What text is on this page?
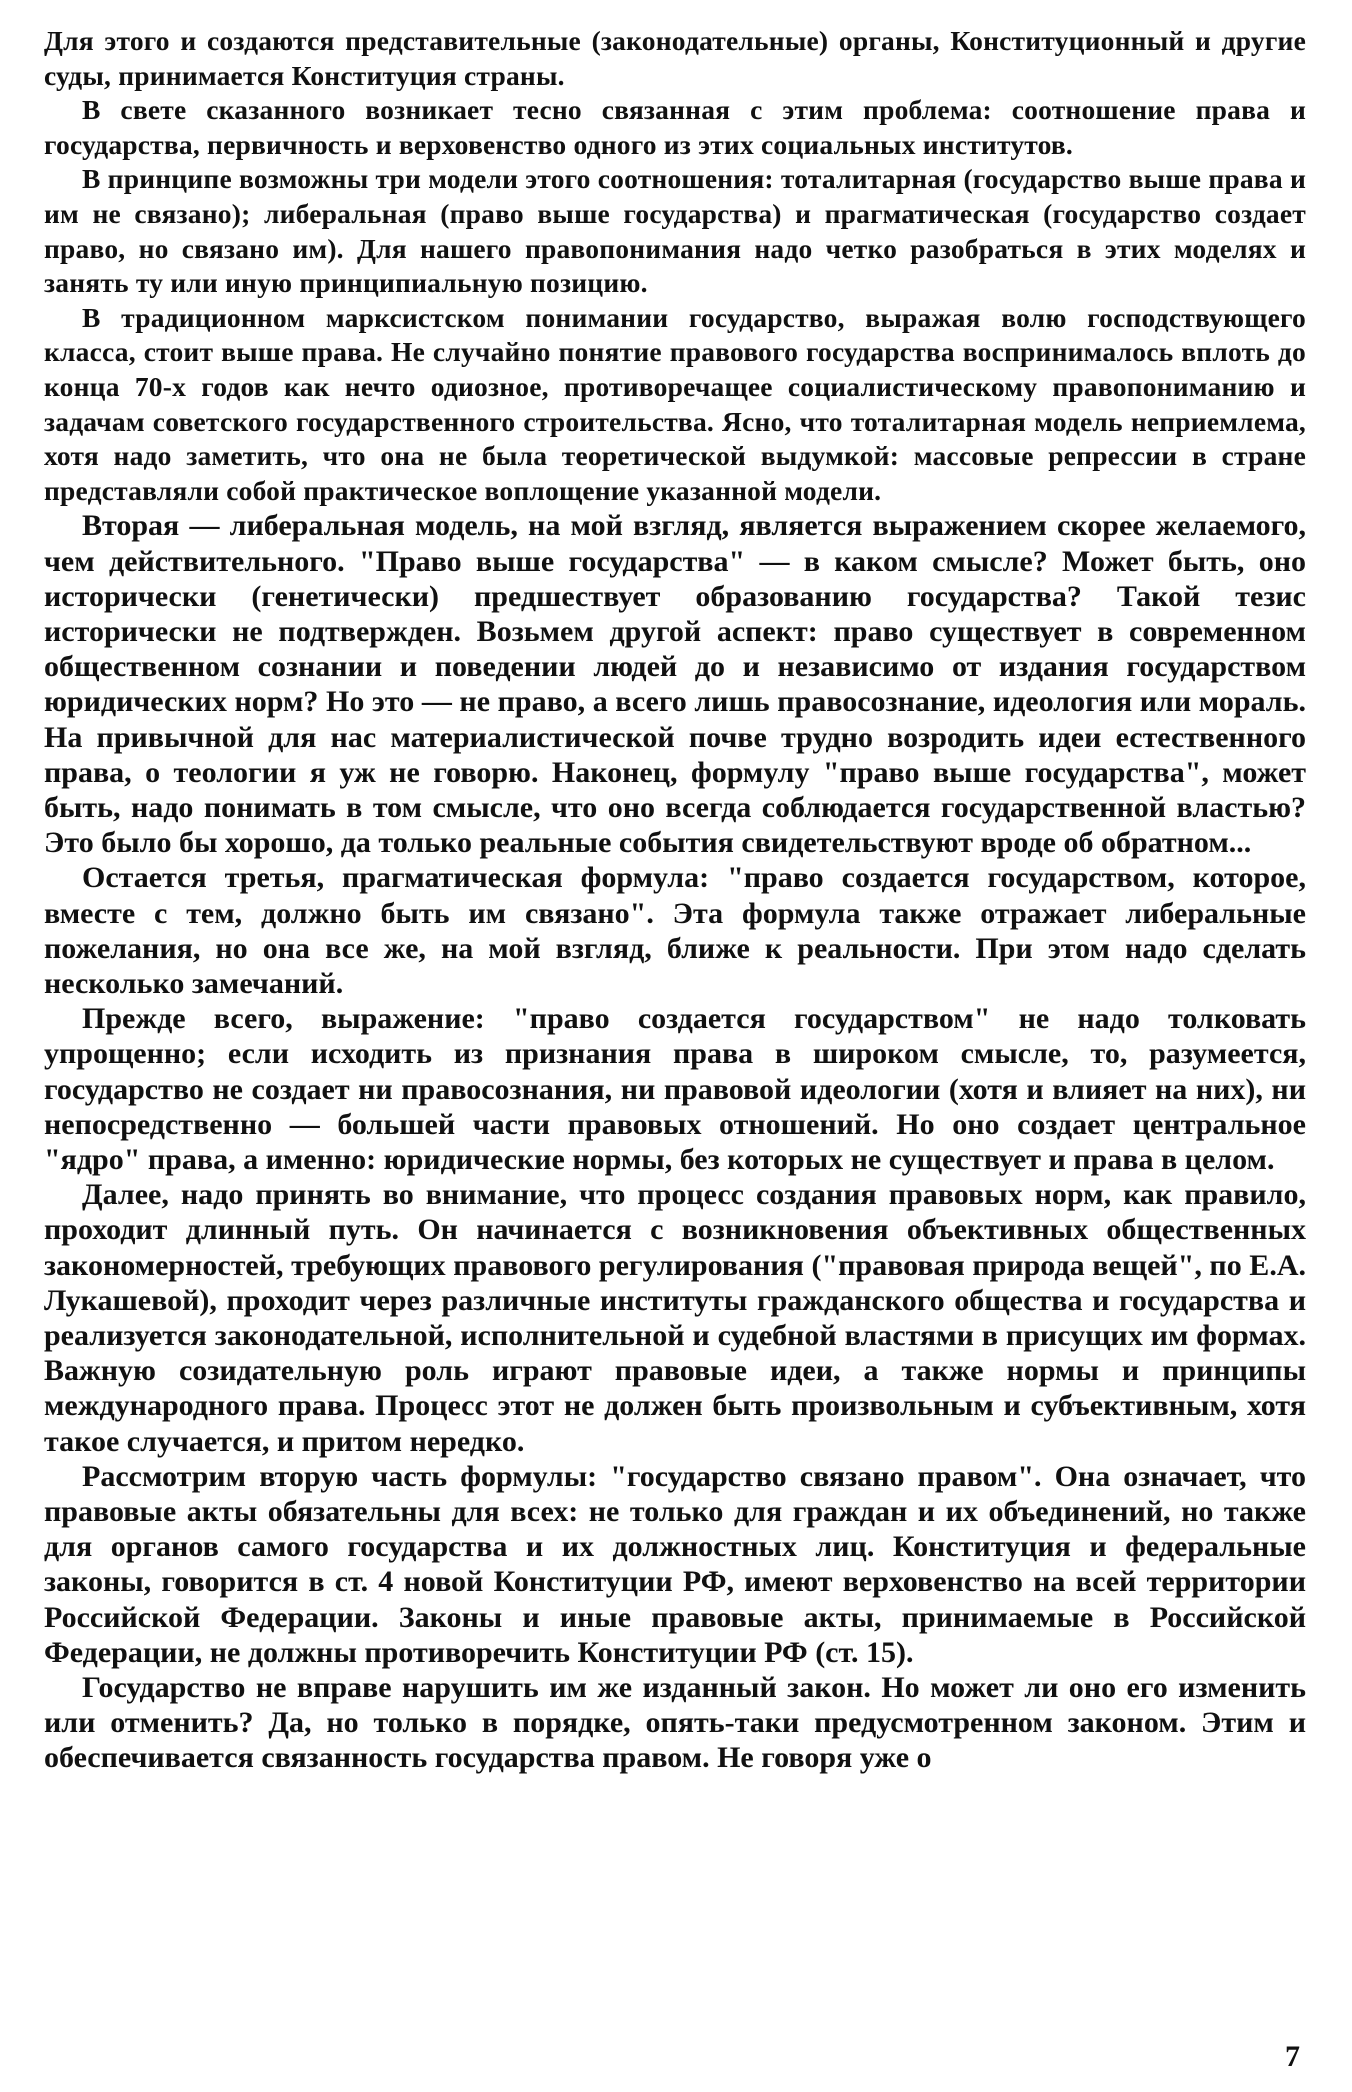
Для этого и создаются представительные (законодательные) органы, Конституционный и другие суды, принимается Конституция страны.

В свете сказанного возникает тесно связанная с этим проблема: соотношение права и государства, первичность и верховенство одного из этих социальных институтов.

В принципе возможны три модели этого соотношения: тоталитарная (государство выше права и им не связано); либеральная (право выше государства) и прагматическая (государство создает право, но связано им). Для нашего правопонимания надо четко разобраться в этих моделях и занять ту или иную принципиальную позицию.

В традиционном марксистском понимании государство, выражая волю господствующего класса, стоит выше права. Не случайно понятие правового государства воспринималось вплоть до конца 70-х годов как нечто одиозное, противоречащее социалистическому правопониманию и задачам советского государственного строительства. Ясно, что тоталитарная модель неприемлема, хотя надо заметить, что она не была теоретической выдумкой: массовые репрессии в стране представляли собой практическое воплощение указанной модели.

Вторая — либеральная модель, на мой взгляд, является выражением скорее желаемого, чем действительного. "Право выше государства" — в каком смысле? Может быть, оно исторически (генетически) предшествует образованию государства? Такой тезис исторически не подтвержден. Возьмем другой аспект: право существует в современном общественном сознании и поведении людей до и независимо от издания государством юридических норм? Но это — не право, а всего лишь правосознание, идеология или мораль. На привычной для нас материалистической почве трудно возродить идеи естественного права, о теологии я уж не говорю. Наконец, формулу "право выше государства", может быть, надо понимать в том смысле, что оно всегда соблюдается государственной властью? Это было бы хорошо, да только реальные события свидетельствуют вроде об обратном...

Остается третья, прагматическая формула: "право создается государством, которое, вместе с тем, должно быть им связано". Эта формула также отражает либеральные пожелания, но она все же, на мой взгляд, ближе к реальности. При этом надо сделать несколько замечаний.

Прежде всего, выражение: "право создается государством" не надо толковать упрощенно; если исходить из признания права в широком смысле, то, разумеется, государство не создает ни правосознания, ни правовой идеологии (хотя и влияет на них), ни непосредственно — большей части правовых отношений. Но оно создает центральное "ядро" права, а именно: юридические нормы, без которых не существует и права в целом.

Далее, надо принять во внимание, что процесс создания правовых норм, как правило, проходит длинный путь. Он начинается с возникновения объективных общественных закономерностей, требующих правового регулирования ("правовая природа вещей", по Е.А. Лукашевой), проходит через различные институты гражданского общества и государства и реализуется законодательной, исполнительной и судебной властями в присущих им формах. Важную созидательную роль играют правовые идеи, а также нормы и принципы международного права. Процесс этот не должен быть произвольным и субъективным, хотя такое случается, и притом нередко.

Рассмотрим вторую часть формулы: "государство связано правом". Она означает, что правовые акты обязательны для всех: не только для граждан и их объединений, но также для органов самого государства и их должностных лиц. Конституция и федеральные законы, говорится в ст. 4 новой Конституции РФ, имеют верховенство на всей территории Российской Федерации. Законы и иные правовые акты, принимаемые в Российской Федерации, не должны противоречить Конституции РФ (ст. 15).

Государство не вправе нарушить им же изданный закон. Но может ли оно его изменить или отменить? Да, но только в порядке, опять-таки предусмотренном законом. Этим и обеспечивается связанность государства правом. Не говоря уже о

7
